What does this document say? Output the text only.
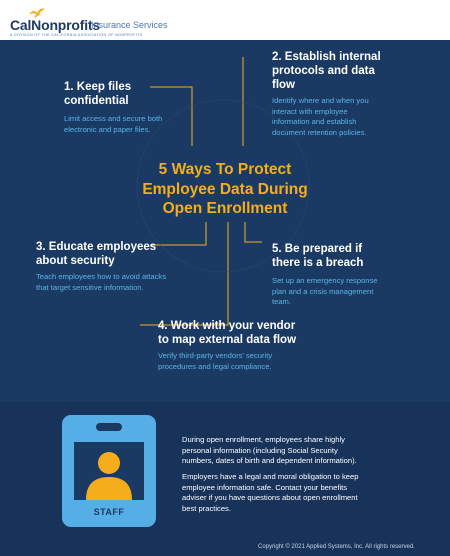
CalNonprofits
Insurance Services
A DIVISION OF THE CALIFORNIA ASSOCIATION OF NONPROFITS
1. Keep files
confidential
Limit access and secure both
electronic and paper files.
2. Establish internal
protocols and data
flow
Identify where and when you
interact with employee
information and establish
document retention policies.
5 Ways To Protect
Employee Data During
Open Enrollment
3. Educate employees
about security
Teach employees how to avoid attacks
that target sensitive information.
5. Be prepared if
there is a breach
Set up an emergency response
plan and a crisis management
team.
4. Work with your vendor
to map external data flow
Verify third-party vendors' security
procedures and legal compliance.
STAFF
During open enrollment, employees share highly
personal information (including Social Security
numbers, dates of birth and dependent information).
Employers have a legal and moral obligation to keep
employee information safe. Contact your benefits
adviser if you have questions about open enrollment
best practices.
Copyright © 2021 Applied Systems, Inc. All rights reserved.
